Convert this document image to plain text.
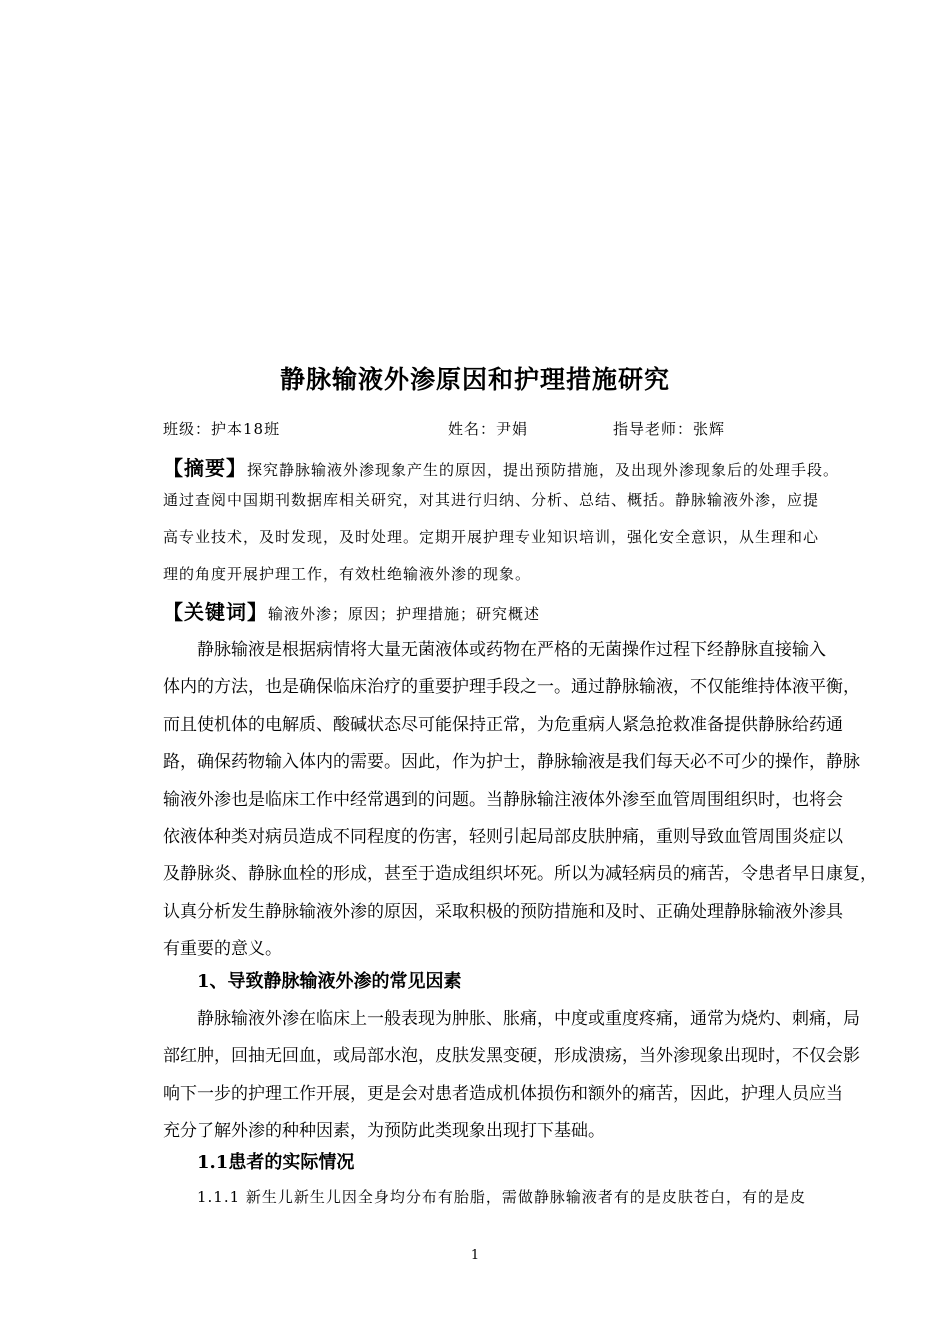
静脉输液外渗原因和护理措施研究
班级：护本18班	姓名：尹娟	指导老师：张辉
【摘要】探究静脉输液外渗现象产生的原因，提出预防措施，及出现外渗现象后的处理手段。
通过查阅中国期刊数据库相关研究，对其进行归纳、分析、总结、概括。静脉输液外渗，应提
高专业技术，及时发现，及时处理。定期开展护理专业知识培训，强化安全意识，从生理和心
理的角度开展护理工作，有效杜绝输液外渗的现象。
【关键词】输液外渗；原因；护理措施；研究概述
静脉输液是根据病情将大量无菌液体或药物在严格的无菌操作过程下经静脉直接输入
体内的方法，也是确保临床治疗的重要护理手段之一。通过静脉输液，不仅能维持体液平衡，
而且使机体的电解质、酸碱状态尽可能保持正常，为危重病人紧急抢救准备提供静脉给药通
路，确保药物输入体内的需要。因此，作为护士，静脉输液是我们每天必不可少的操作，静脉
输液外渗也是临床工作中经常遇到的问题。当静脉输注液体外渗至血管周围组织时，也将会
依液体种类对病员造成不同程度的伤害，轻则引起局部皮肤肿痛，重则导致血管周围炎症以
及静脉炎、静脉血栓的形成，甚至于造成组织坏死。所以为减轻病员的痛苦，令患者早日康复，
认真分析发生静脉输液外渗的原因，采取积极的预防措施和及时、正确处理静脉输液外渗具
有重要的意义。
1、导致静脉输液外渗的常见因素
静脉输液外渗在临床上一般表现为肿胀、胀痛，中度或重度疼痛，通常为烧灼、刺痛，局
部红肿，回抽无回血，或局部水泡，皮肤发黑变硬，形成溃疡，当外渗现象出现时，不仅会影
响下一步的护理工作开展，更是会对患者造成机体损伤和额外的痛苦，因此，护理人员应当
充分了解外渗的种种因素，为预防此类现象出现打下基础。
1.1患者的实际情况
1.1.1 新生儿新生儿因全身均分布有胎脂，需做静脉输液者有的是皮肤苍白，有的是皮
1
